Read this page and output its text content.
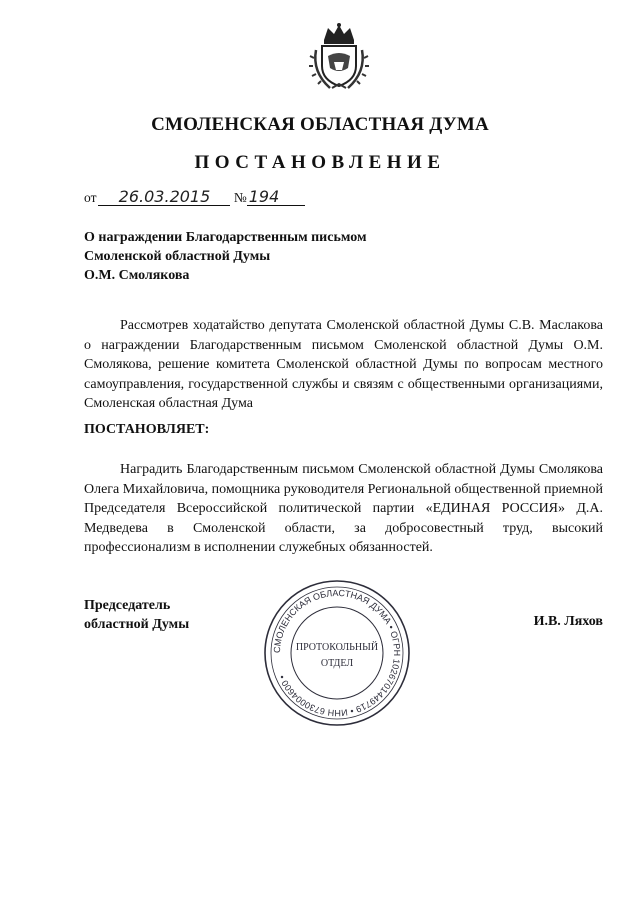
СМОЛЕНСКАЯ ОБЛАСТНАЯ ДУМА
ПОСТАНОВЛЕНИЕ
от 26.03.2015 № 194
О награждении Благодарственным письмом
Смоленской областной Думы
О.М. Смолякова
Рассмотрев ходатайство депутата Смоленской областной Думы С.В. Маслакова о награждении Благодарственным письмом Смоленской областной Думы О.М. Смолякова, решение комитета Смоленской областной Думы по вопросам местного самоуправления, государственной службы и связям с общественными организациями, Смоленская областная Дума
ПОСТАНОВЛЯЕТ:
Наградить Благодарственным письмом Смоленской областной Думы Смолякова Олега Михайловича, помощника руководителя Региональной общественной приемной Председателя Всероссийской политической партии «ЕДИНАЯ РОССИЯ» Д.А. Медведева в Смоленской области, за добросовестный труд, высокий профессионализм в исполнении служебных обязанностей.
Председатель
областной Думы
СМОЛЕНСКАЯ ОБЛАСТНАЯ ДУМА • ОГРН 1026701449719 • ИНН 6730004600 •
ПРОТОКОЛЬНЫЙ
ОТДЕЛ
И.В. Ляхов
